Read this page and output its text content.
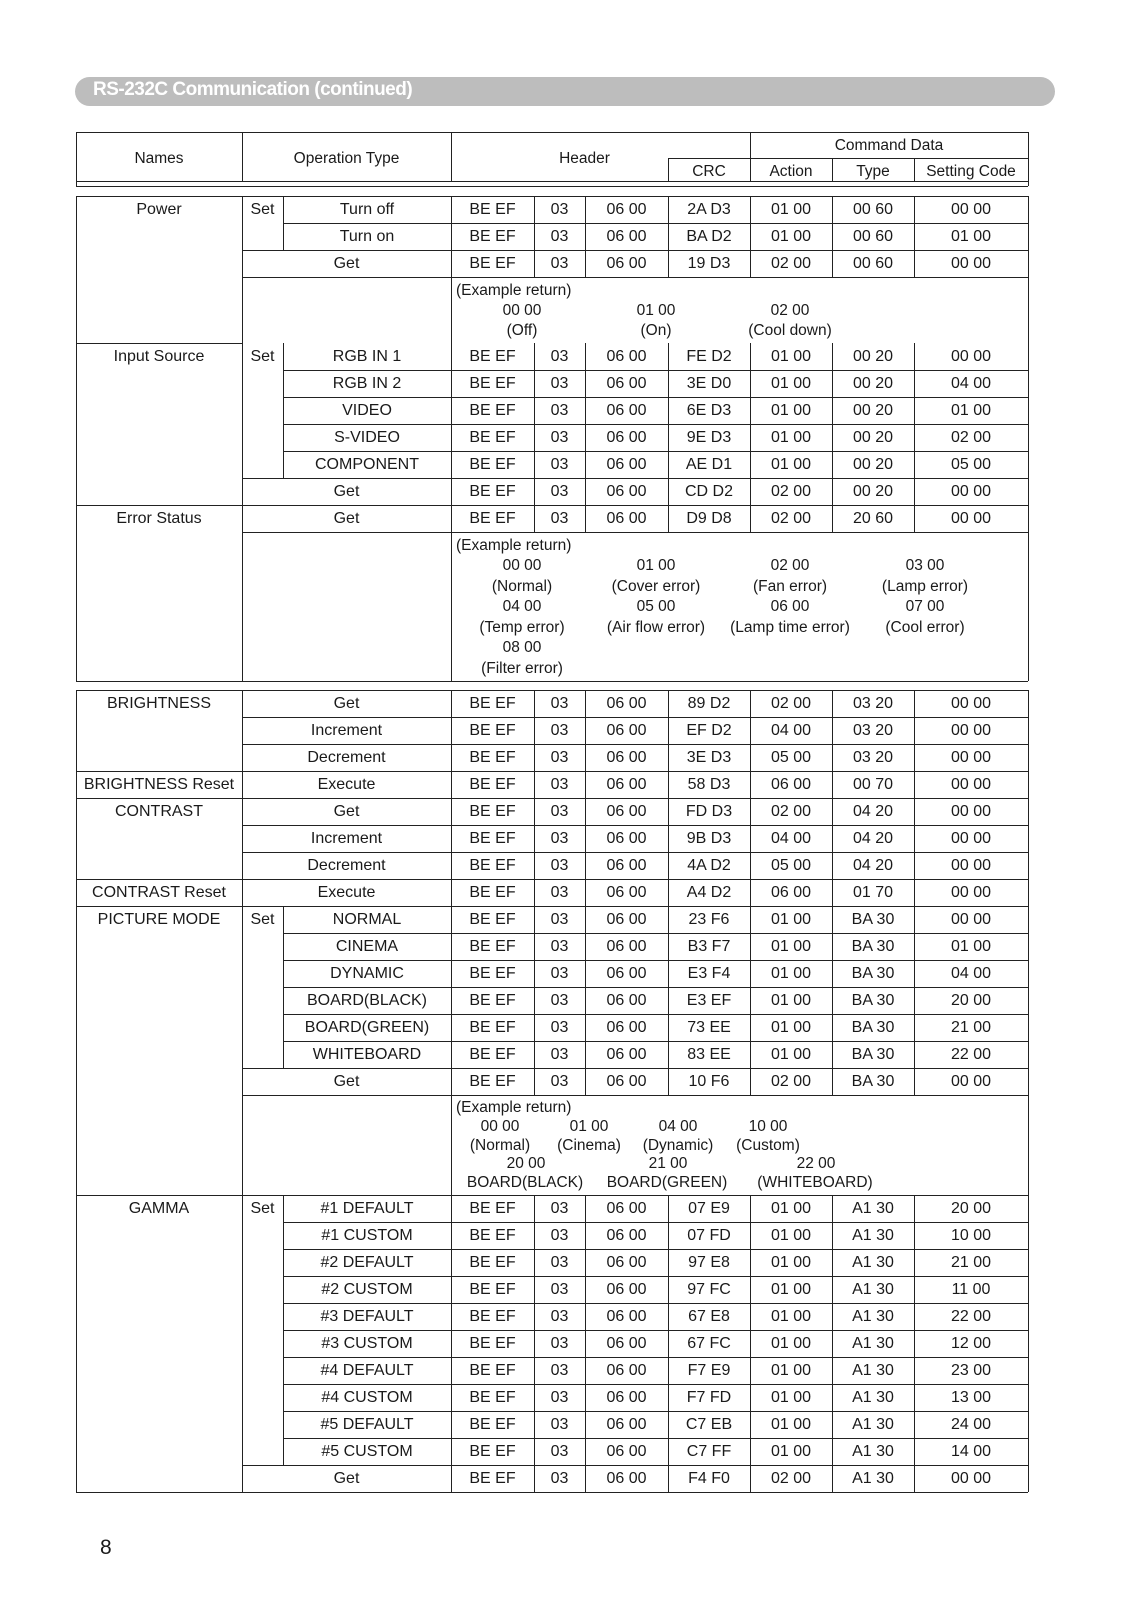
RS-232C Communication (continued)
Names	Operation Type	Header
Command Data
CRC	Action	Type	Setting Code
Power	Set	Turn off	BE EF	03	06 00	2A D3	01 00	00 60	00 00
Turn on	BE EF	03	06 00	BA D2	01 00	00 60	01 00
Get	BE EF	03	06 00	19 D3	02 00	00 60	00 00
Input Source	Set	RGB IN 1	BE EF	03	06 00	FE D2	01 00	00 20	00 00
RGB IN 2	BE EF	03	06 00	3E D0	01 00	00 20	04 00
VIDEO	BE EF	03	06 00	6E D3	01 00	00 20	01 00
S-VIDEO	BE EF	03	06 00	9E D3	01 00	00 20	02 00
COMPONENT	BE EF	03	06 00	AE D1	01 00	00 20	05 00
Get	BE EF	03	06 00	CD D2	02 00	00 20	00 00
Error Status	Get	BE EF	03	06 00	D9 D8	02 00	20 60	00 00
BRIGHTNESS	Get	BE EF	03	06 00	89 D2	02 00	03 20	00 00
Increment	BE EF	03	06 00	EF D2	04 00	03 20	00 00
Decrement	BE EF	03	06 00	3E D3	05 00	03 20	00 00
BRIGHTNESS Reset	Execute	BE EF	03	06 00	58 D3	06 00	00 70	00 00
CONTRAST	Get	BE EF	03	06 00	FD D3	02 00	04 20	00 00
Increment	BE EF	03	06 00	9B D3	04 00	04 20	00 00
Decrement	BE EF	03	06 00	4A D2	05 00	04 20	00 00
CONTRAST Reset	Execute	BE EF	03	06 00	A4 D2	06 00	01 70	00 00
PICTURE MODE	Set	NORMAL	BE EF	03	06 00	23 F6	01 00	BA 30	00 00
CINEMA	BE EF	03	06 00	B3 F7	01 00	BA 30	01 00
DYNAMIC	BE EF	03	06 00	E3 F4	01 00	BA 30	04 00
BOARD(BLACK)	BE EF	03	06 00	E3 EF	01 00	BA 30	20 00
BOARD(GREEN)	BE EF	03	06 00	73 EE	01 00	BA 30	21 00
WHITEBOARD	BE EF	03	06 00	83 EE	01 00	BA 30	22 00
Get	BE EF	03	06 00	10 F6	02 00	BA 30	00 00
GAMMA	Set	#1 DEFAULT	BE EF	03	06 00	07 E9	01 00	A1 30	20 00
#1 CUSTOM	BE EF	03	06 00	07 FD	01 00	A1 30	10 00
#2 DEFAULT	BE EF	03	06 00	97 E8	01 00	A1 30	21 00
#2 CUSTOM	BE EF	03	06 00	97 FC	01 00	A1 30	11 00
#3 DEFAULT	BE EF	03	06 00	67 E8	01 00	A1 30	22 00
#3 CUSTOM	BE EF	03	06 00	67 FC	01 00	A1 30	12 00
#4 DEFAULT	BE EF	03	06 00	F7 E9	01 00	A1 30	23 00
#4 CUSTOM	BE EF	03	06 00	F7 FD	01 00	A1 30	13 00
#5 DEFAULT	BE EF	03	06 00	C7 EB	01 00	A1 30	24 00
#5 CUSTOM	BE EF	03	06 00	C7 FF	01 00	A1 30	14 00
Get	BE EF	03	06 00	F4 F0	02 00	A1 30	00 00
(Example return)
00 00	01 00	02 00
(Off)	(On)	(Cool down)
(Example return)
00 00	01 00	02 00	03 00
(Normal)	(Cover error)	(Fan error)	(Lamp error)
04 00	05 00	06 00	07 00
(Temp error)	(Air flow error)	(Lamp time error)	(Cool error)
08 00
(Filter error)
(Example return)
00 00	01 00	04 00	10 00
(Normal)	(Cinema)	(Dynamic)	(Custom)
20 00	21 00	22 00
BOARD(BLACK)	BOARD(GREEN)	(WHITEBOARD)
8
